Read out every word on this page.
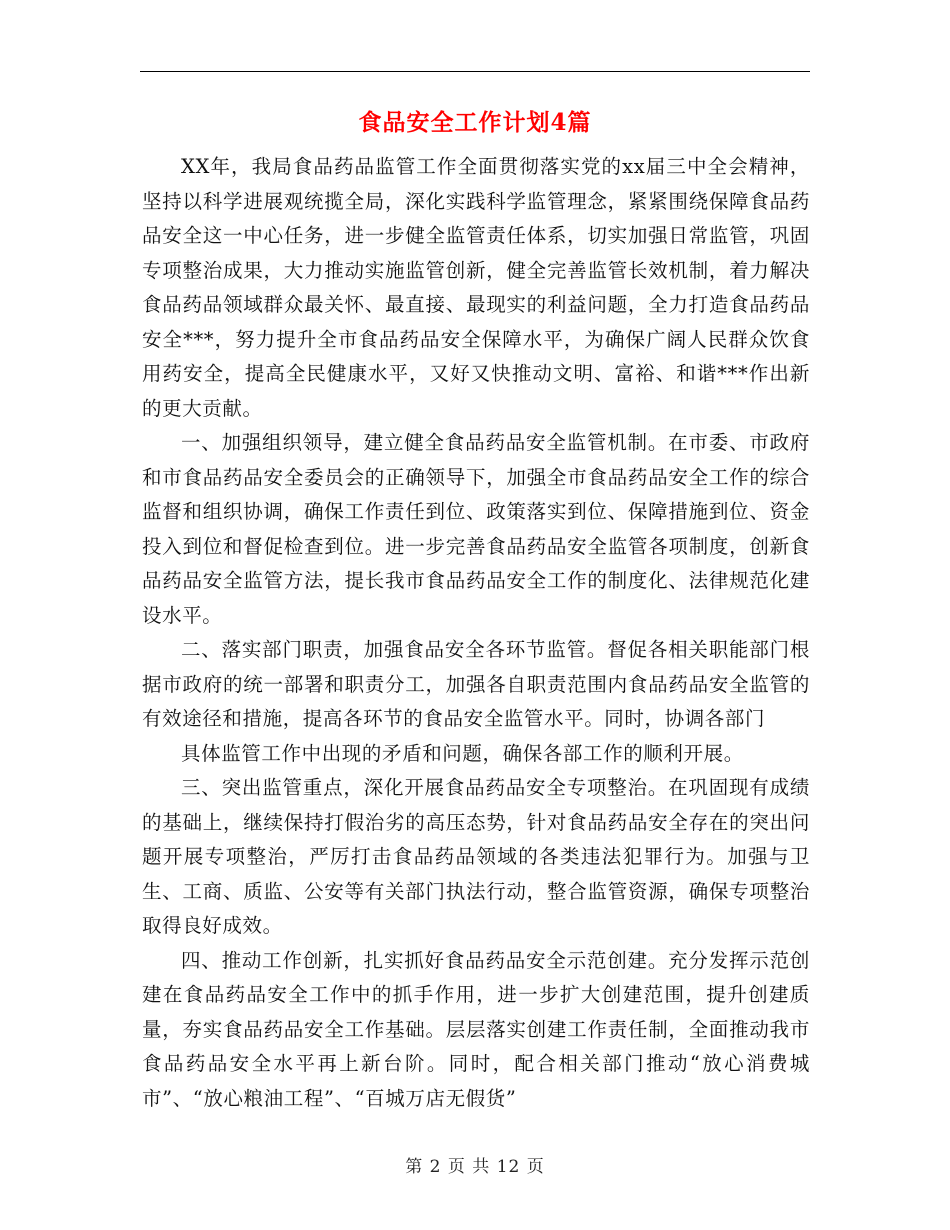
食品安全工作计划4篇

XX年，我局食品药品监管工作全面贯彻落实党的xx届三中全会精神，坚持以科学进展观统揽全局，深化实践科学监管理念，紧紧围绕保障食品药品安全这一中心任务，进一步健全监管责任体系，切实加强日常监管，巩固专项整治成果，大力推动实施监管创新，健全完善监管长效机制，着力解决食品药品领域群众最关怀、最直接、最现实的利益问题，全力打造食品药品安全***，努力提升全市食品药品安全保障水平，为确保广阔人民群众饮食用药安全，提高全民健康水平，又好又快推动文明、富裕、和谐***作出新的更大贡献。

一、加强组织领导，建立健全食品药品安全监管机制。在市委、市政府和市食品药品安全委员会的正确领导下，加强全市食品药品安全工作的综合监督和组织协调，确保工作责任到位、政策落实到位、保障措施到位、资金投入到位和督促检查到位。进一步完善食品药品安全监管各项制度，创新食品药品安全监管方法，提长我市食品药品安全工作的制度化、法律规范化建设水平。

二、落实部门职责，加强食品安全各环节监管。督促各相关职能部门根据市政府的统一部署和职责分工，加强各自职责范围内食品药品安全监管的有效途径和措施，提高各环节的食品安全监管水平。同时，协调各部门

具体监管工作中出现的矛盾和问题，确保各部工作的顺利开展。

三、突出监管重点，深化开展食品药品安全专项整治。在巩固现有成绩的基础上，继续保持打假治劣的高压态势，针对食品药品安全存在的突出问题开展专项整治，严厉打击食品药品领域的各类违法犯罪行为。加强与卫生、工商、质监、公安等有关部门执法行动，整合监管资源，确保专项整治取得良好成效。

四、推动工作创新，扎实抓好食品药品安全示范创建。充分发挥示范创建在食品药品安全工作中的抓手作用，进一步扩大创建范围，提升创建质量，夯实食品药品安全工作基础。层层落实创建工作责任制，全面推动我市食品药品安全水平再上新台阶。同时，配合相关部门推动“放心消费城市”、“放心粮油工程”、“百城万店无假货”

第 2 页 共 12 页
